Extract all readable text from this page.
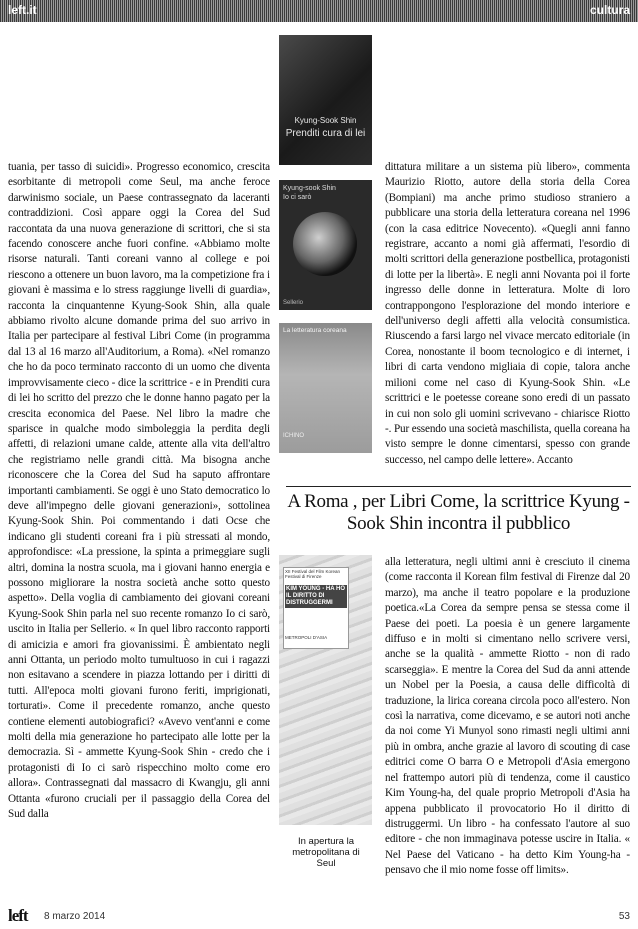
left.it	cultura

tuania, per tasso di suicidi». Progresso economico, crescita esorbitante di metropoli come Seul, ma anche feroce darwinismo sociale, un Paese contrassegnato da laceranti contraddizioni. Così appare oggi la Corea del Sud raccontata da una nuova generazione di scrittori, che si sta facendo conoscere anche fuori confine. «Abbiamo molte risorse naturali. Tanti coreani vanno al college e poi riescono a ottenere un buon lavoro, ma la competizione fra i giovani è massima e lo stress raggiunge livelli di guardia», racconta la cinquantenne Kyung-Sook Shin, alla quale abbiamo rivolto alcune domande prima del suo arrivo in Italia per partecipare al festival Libri Come (in programma dal 13 al 16 marzo all'Auditorium, a Roma). «Nel romanzo che ho da poco terminato racconto di un uomo che diventa improvvisamente cieco - dice la scrittrice - e in Prenditi cura di lei ho scritto del prezzo che le donne hanno pagato per la crescita economica del Paese. Nel libro la madre che sparisce in qualche modo simboleggia la perdita degli affetti, di relazioni umane calde, attente alla vita dell'altro che registriamo nelle grandi città. Ma bisogna anche riconoscere che la Corea del Sud ha saputo affrontare importanti cambiamenti. Se oggi è uno Stato democratico lo deve all'impegno delle giovani generazioni», sottolinea Kyung-Sook Shin. Poi commentando i dati Ocse che indicano gli studenti coreani fra i più stressati al mondo, approfondisce: «La pressione, la spinta a primeggiare sugli altri, domina la nostra scuola, ma i giovani hanno energia e possono migliorare la nostra società anche sotto questo aspetto». Della voglia di cambiamento dei giovani coreani Kyung-Sook Shin parla nel suo recente romanzo Io ci sarò, uscito in Italia per Sellerio. « In quel libro racconto rapporti di amicizia e amori fra giovanissimi. È ambientato negli anni Ottanta, un periodo molto tumultuoso in cui i ragazzi non esitavano a scendere in piazza lottando per i diritti di tutti. All'epoca molti giovani furono feriti, imprigionati, torturati». Come il precedente romanzo, anche questo contiene elementi autobiografici? «Avevo vent'anni e come molti della mia generazione ho partecipato alle lotte per la democrazia. Sì - ammette Kyung-Sook Shin - credo che i protagonisti di Io ci sarò rispecchino molto come ero allora». Contrassegnati dal massacro di Kwangju, gli anni Ottanta «furono cruciali per il passaggio della Corea del Sud dalla

Kyung-Sook Shin
Prenditi cura di lei
Kyung-sook Shin
Io ci sarò
Sellerio
La letteratura coreana
ICHINO

dittatura militare a un sistema più libero», commenta Maurizio Riotto, autore della storia della Corea (Bompiani) ma anche primo studioso straniero a pubblicare una storia della letteratura coreana nel 1996 (con la casa editrice Novecento). «Quegli anni fanno registrare, accanto a nomi già affermati, l'esordio di molti scrittori della generazione postbellica, protagonisti di lotte per la libertà». E negli anni Novanta poi il forte ingresso delle donne in letteratura. Molte di loro contrappongono l'esplorazione del mondo interiore e dell'universo degli affetti alla velocità consumistica. Riuscendo a farsi largo nel vivace mercato editoriale (in Corea, nonostante il boom tecnologico e di internet, i libri di carta vendono migliaia di copie, talora anche milioni come nel caso di Kyung-Sook Shin. «Le scrittrici e le poetesse coreane sono eredi di un passato in cui non solo gli uomini scrivevano - chiarisce Riotto -. Pur essendo una società maschilista, quella coreana ha visto sempre le donne cimentarsi, spesso con grande successo, nel campo delle lettere». Accanto

A Roma , per Libri Come, la scrittrice Kyung -Sook Shin incontra il pubblico
XII Festival del Film Korean Festival di Firenze
KIM YOUNG - HA HO IL DIRITTO DI DISTRUGGERMI
METROPOLI D'ASIA
In apertura la metropolitana di Seul

alla letteratura, negli ultimi anni è cresciuto il cinema (come racconta il Korean film festival di Firenze dal 20 marzo), ma anche il teatro popolare e la produzione poetica.«La Corea da sempre pensa se stessa come il Paese dei poeti. La poesia è un genere largamente diffuso e in molti si cimentano nello scrivere versi, anche se la qualità - ammette Riotto - non di rado scarseggia». E mentre la Corea del Sud da anni attende un Nobel per la Poesia, a causa delle difficoltà di traduzione, la lirica coreana circola poco all'estero. Non così la narrativa, come dicevamo, e se autori noti anche da noi come Yi Munyol sono rimasti negli ultimi anni più in ombra, anche grazie al lavoro di scouting di case editrici come O barra O e Metropoli d'Asia emergono nel frattempo autori più di tendenza, come il caustico Kim Young-ha, del quale proprio Metropoli d'Asia ha appena pubblicato il provocatorio Ho il diritto di distruggermi. Un libro - ha confessato l'autore al suo editore - che non immaginava potesse uscire in Italia. « Nel Paese del Vaticano - ha detto Kim Young-ha - pensavo che il mio nome fosse off limits».

left 8 marzo 2014	53
